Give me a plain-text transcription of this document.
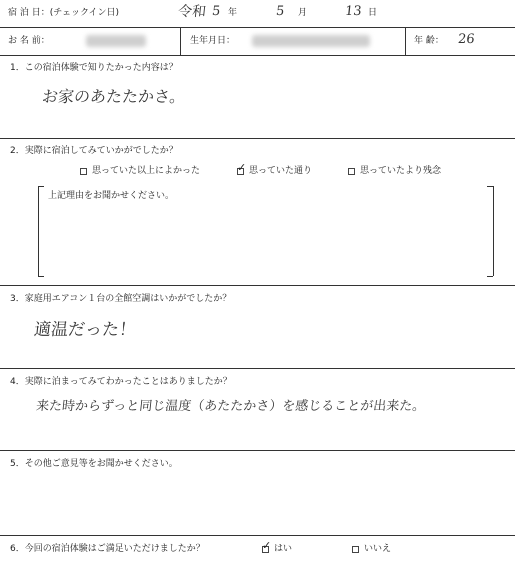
宿 泊 日：(チェックイン日)	令和 5 年	5 月	13 日
お 名 前：	生年月日：	年 齢： 26
1．この宿泊体験で知りたかった内容は？
お家のあたたかさ。
2．実際に宿泊してみていかがでしたか？
思っていた以上によかった	✓ 思っていた通り	思っていたより残念
上記理由をお聞かせください。
3．家庭用エアコン１台の全館空調はいかがでしたか？
適温だった！
4．実際に泊まってみてわかったことはありましたか？
来た時からずっと同じ温度（あたたかさ）を感じることが出来た。
5．その他ご意見等をお聞かせください。
6．今回の宿泊体験はご満足いただけましたか？	✓ はい	いいえ
